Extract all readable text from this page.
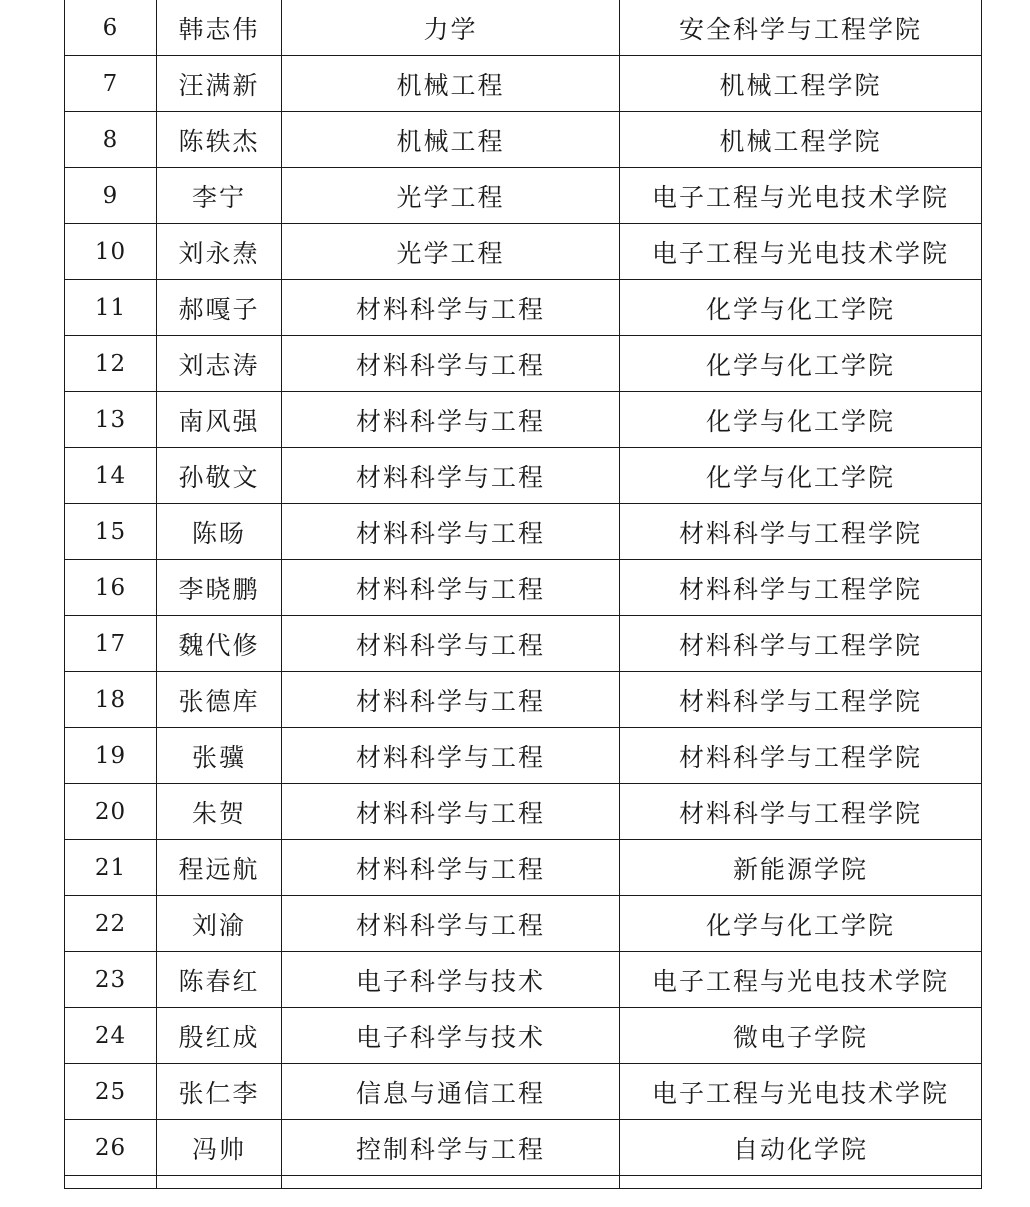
6	韩志伟	力学	安全科学与工程学院
7	汪满新	机械工程	机械工程学院
8	陈轶杰	机械工程	机械工程学院
9	李宁	光学工程	电子工程与光电技术学院
10	刘永焘	光学工程	电子工程与光电技术学院
11	郝嘎子	材料科学与工程	化学与化工学院
12	刘志涛	材料科学与工程	化学与化工学院
13	南风强	材料科学与工程	化学与化工学院
14	孙敬文	材料科学与工程	化学与化工学院
15	陈旸	材料科学与工程	材料科学与工程学院
16	李晓鹏	材料科学与工程	材料科学与工程学院
17	魏代修	材料科学与工程	材料科学与工程学院
18	张德库	材料科学与工程	材料科学与工程学院
19	张骥	材料科学与工程	材料科学与工程学院
20	朱贺	材料科学与工程	材料科学与工程学院
21	程远航	材料科学与工程	新能源学院
22	刘渝	材料科学与工程	化学与化工学院
23	陈春红	电子科学与技术	电子工程与光电技术学院
24	殷红成	电子科学与技术	微电子学院
25	张仁李	信息与通信工程	电子工程与光电技术学院
26	冯帅	控制科学与工程	自动化学院
